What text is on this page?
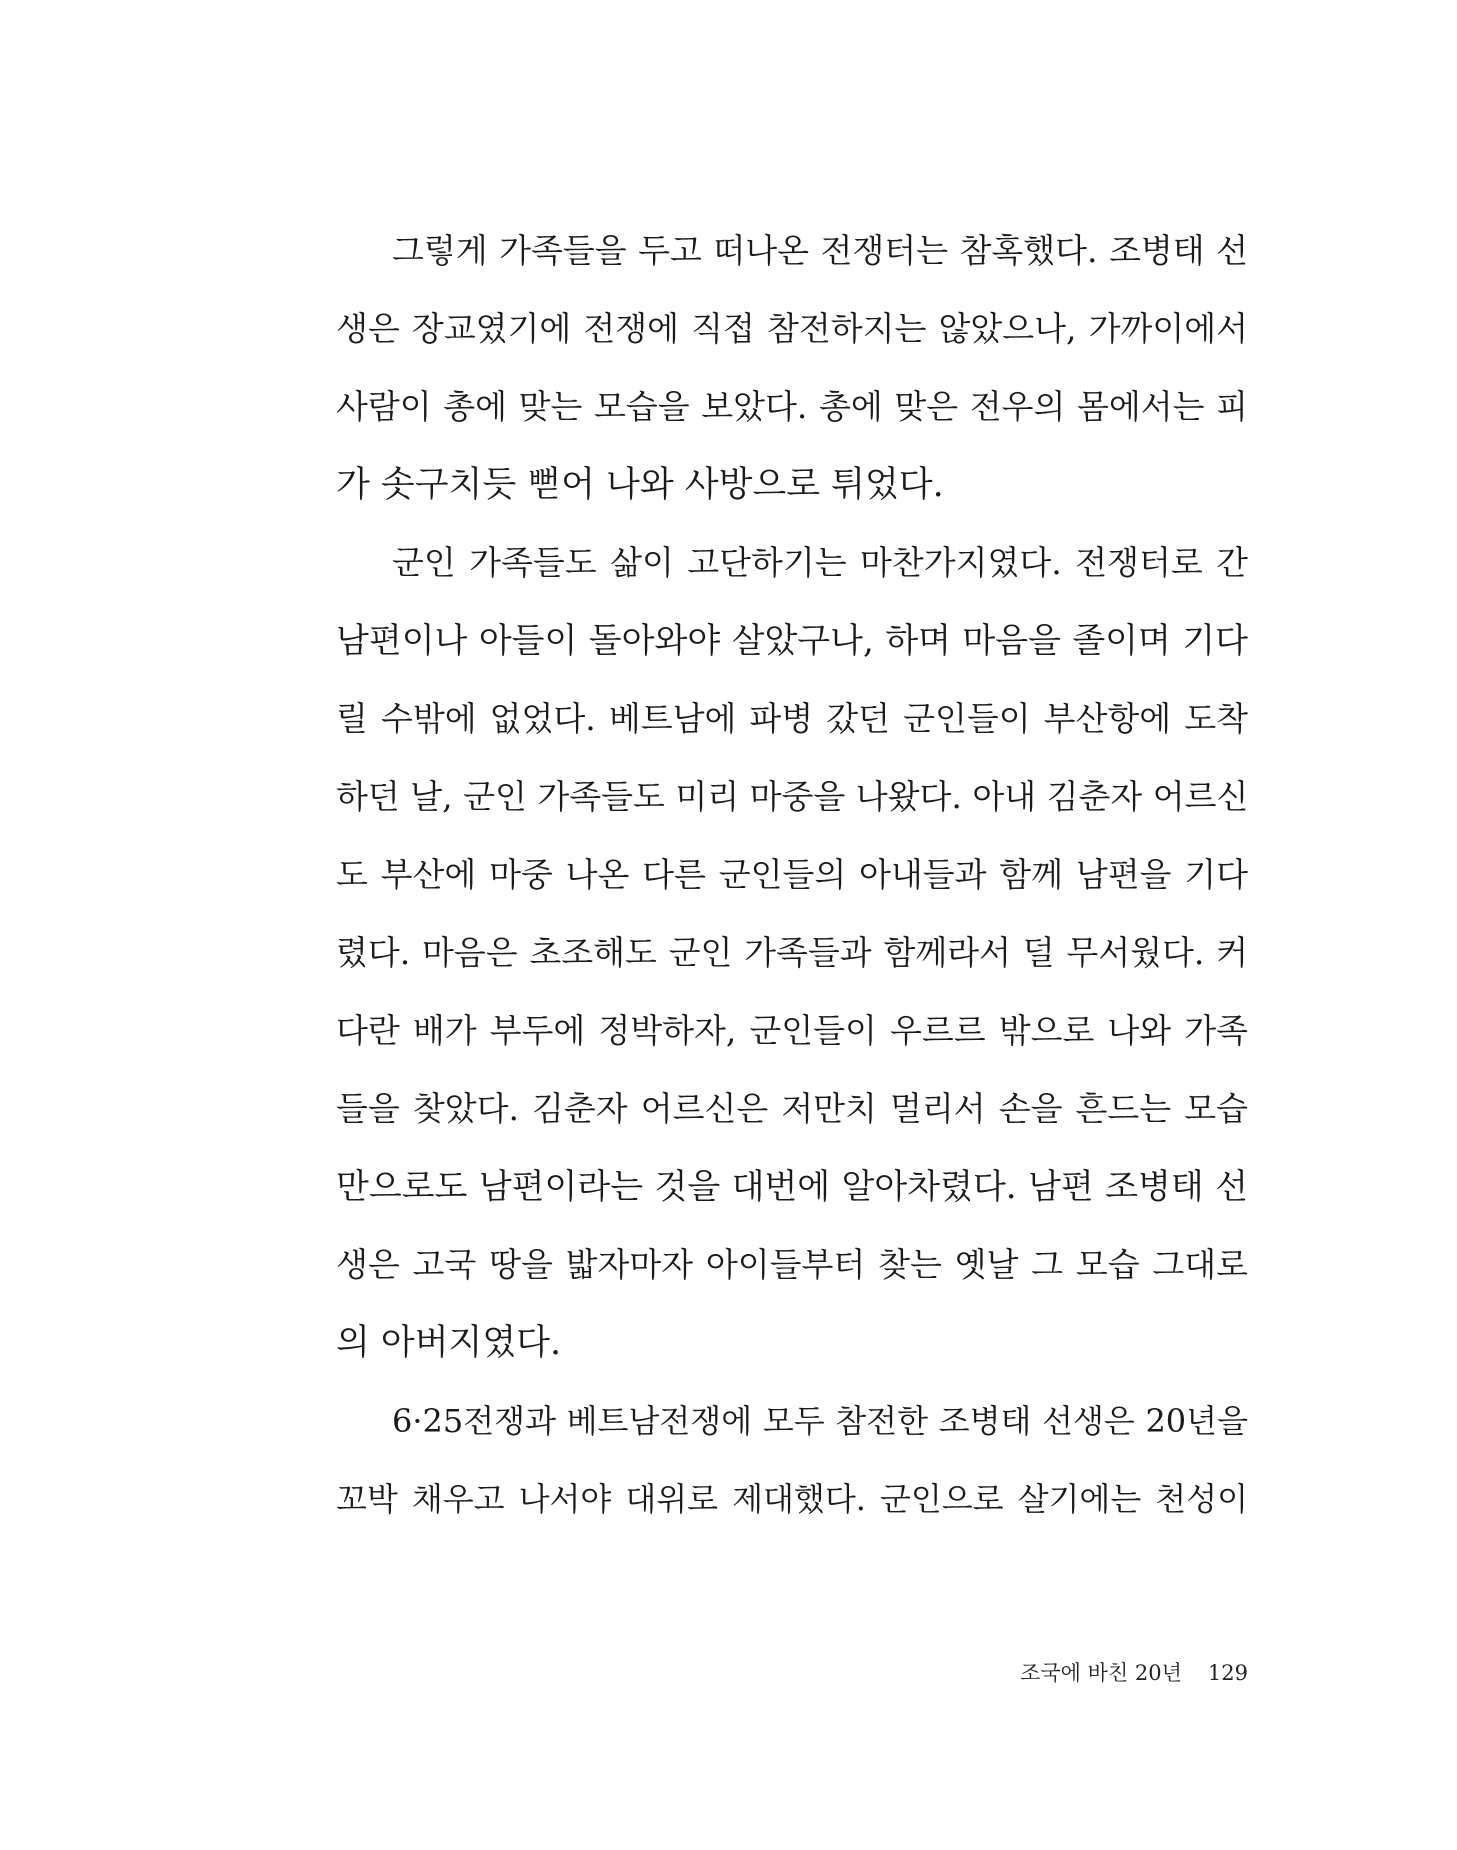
그렇게 가족들을 두고 떠나온 전쟁터는 참혹했다. 조병태 선
생은 장교였기에 전쟁에 직접 참전하지는 않았으나, 가까이에서
사람이 총에 맞는 모습을 보았다. 총에 맞은 전우의 몸에서는 피
가 솟구치듯 뻗어 나와 사방으로 튀었다.
군인 가족들도 삶이 고단하기는 마찬가지였다. 전쟁터로 간
남편이나 아들이 돌아와야 살았구나, 하며 마음을 졸이며 기다
릴 수밖에 없었다. 베트남에 파병 갔던 군인들이 부산항에 도착
하던 날, 군인 가족들도 미리 마중을 나왔다. 아내 김춘자 어르신
도 부산에 마중 나온 다른 군인들의 아내들과 함께 남편을 기다
렸다. 마음은 초조해도 군인 가족들과 함께라서 덜 무서웠다. 커
다란 배가 부두에 정박하자, 군인들이 우르르 밖으로 나와 가족
들을 찾았다. 김춘자 어르신은 저만치 멀리서 손을 흔드는 모습
만으로도 남편이라는 것을 대번에 알아차렸다. 남편 조병태 선
생은 고국 땅을 밟자마자 아이들부터 찾는 옛날 그 모습 그대로
의 아버지였다.
6·25전쟁과 베트남전쟁에 모두 참전한 조병태 선생은 20년을
꼬박 채우고 나서야 대위로 제대했다. 군인으로 살기에는 천성이
조국에 바친 20년 129
